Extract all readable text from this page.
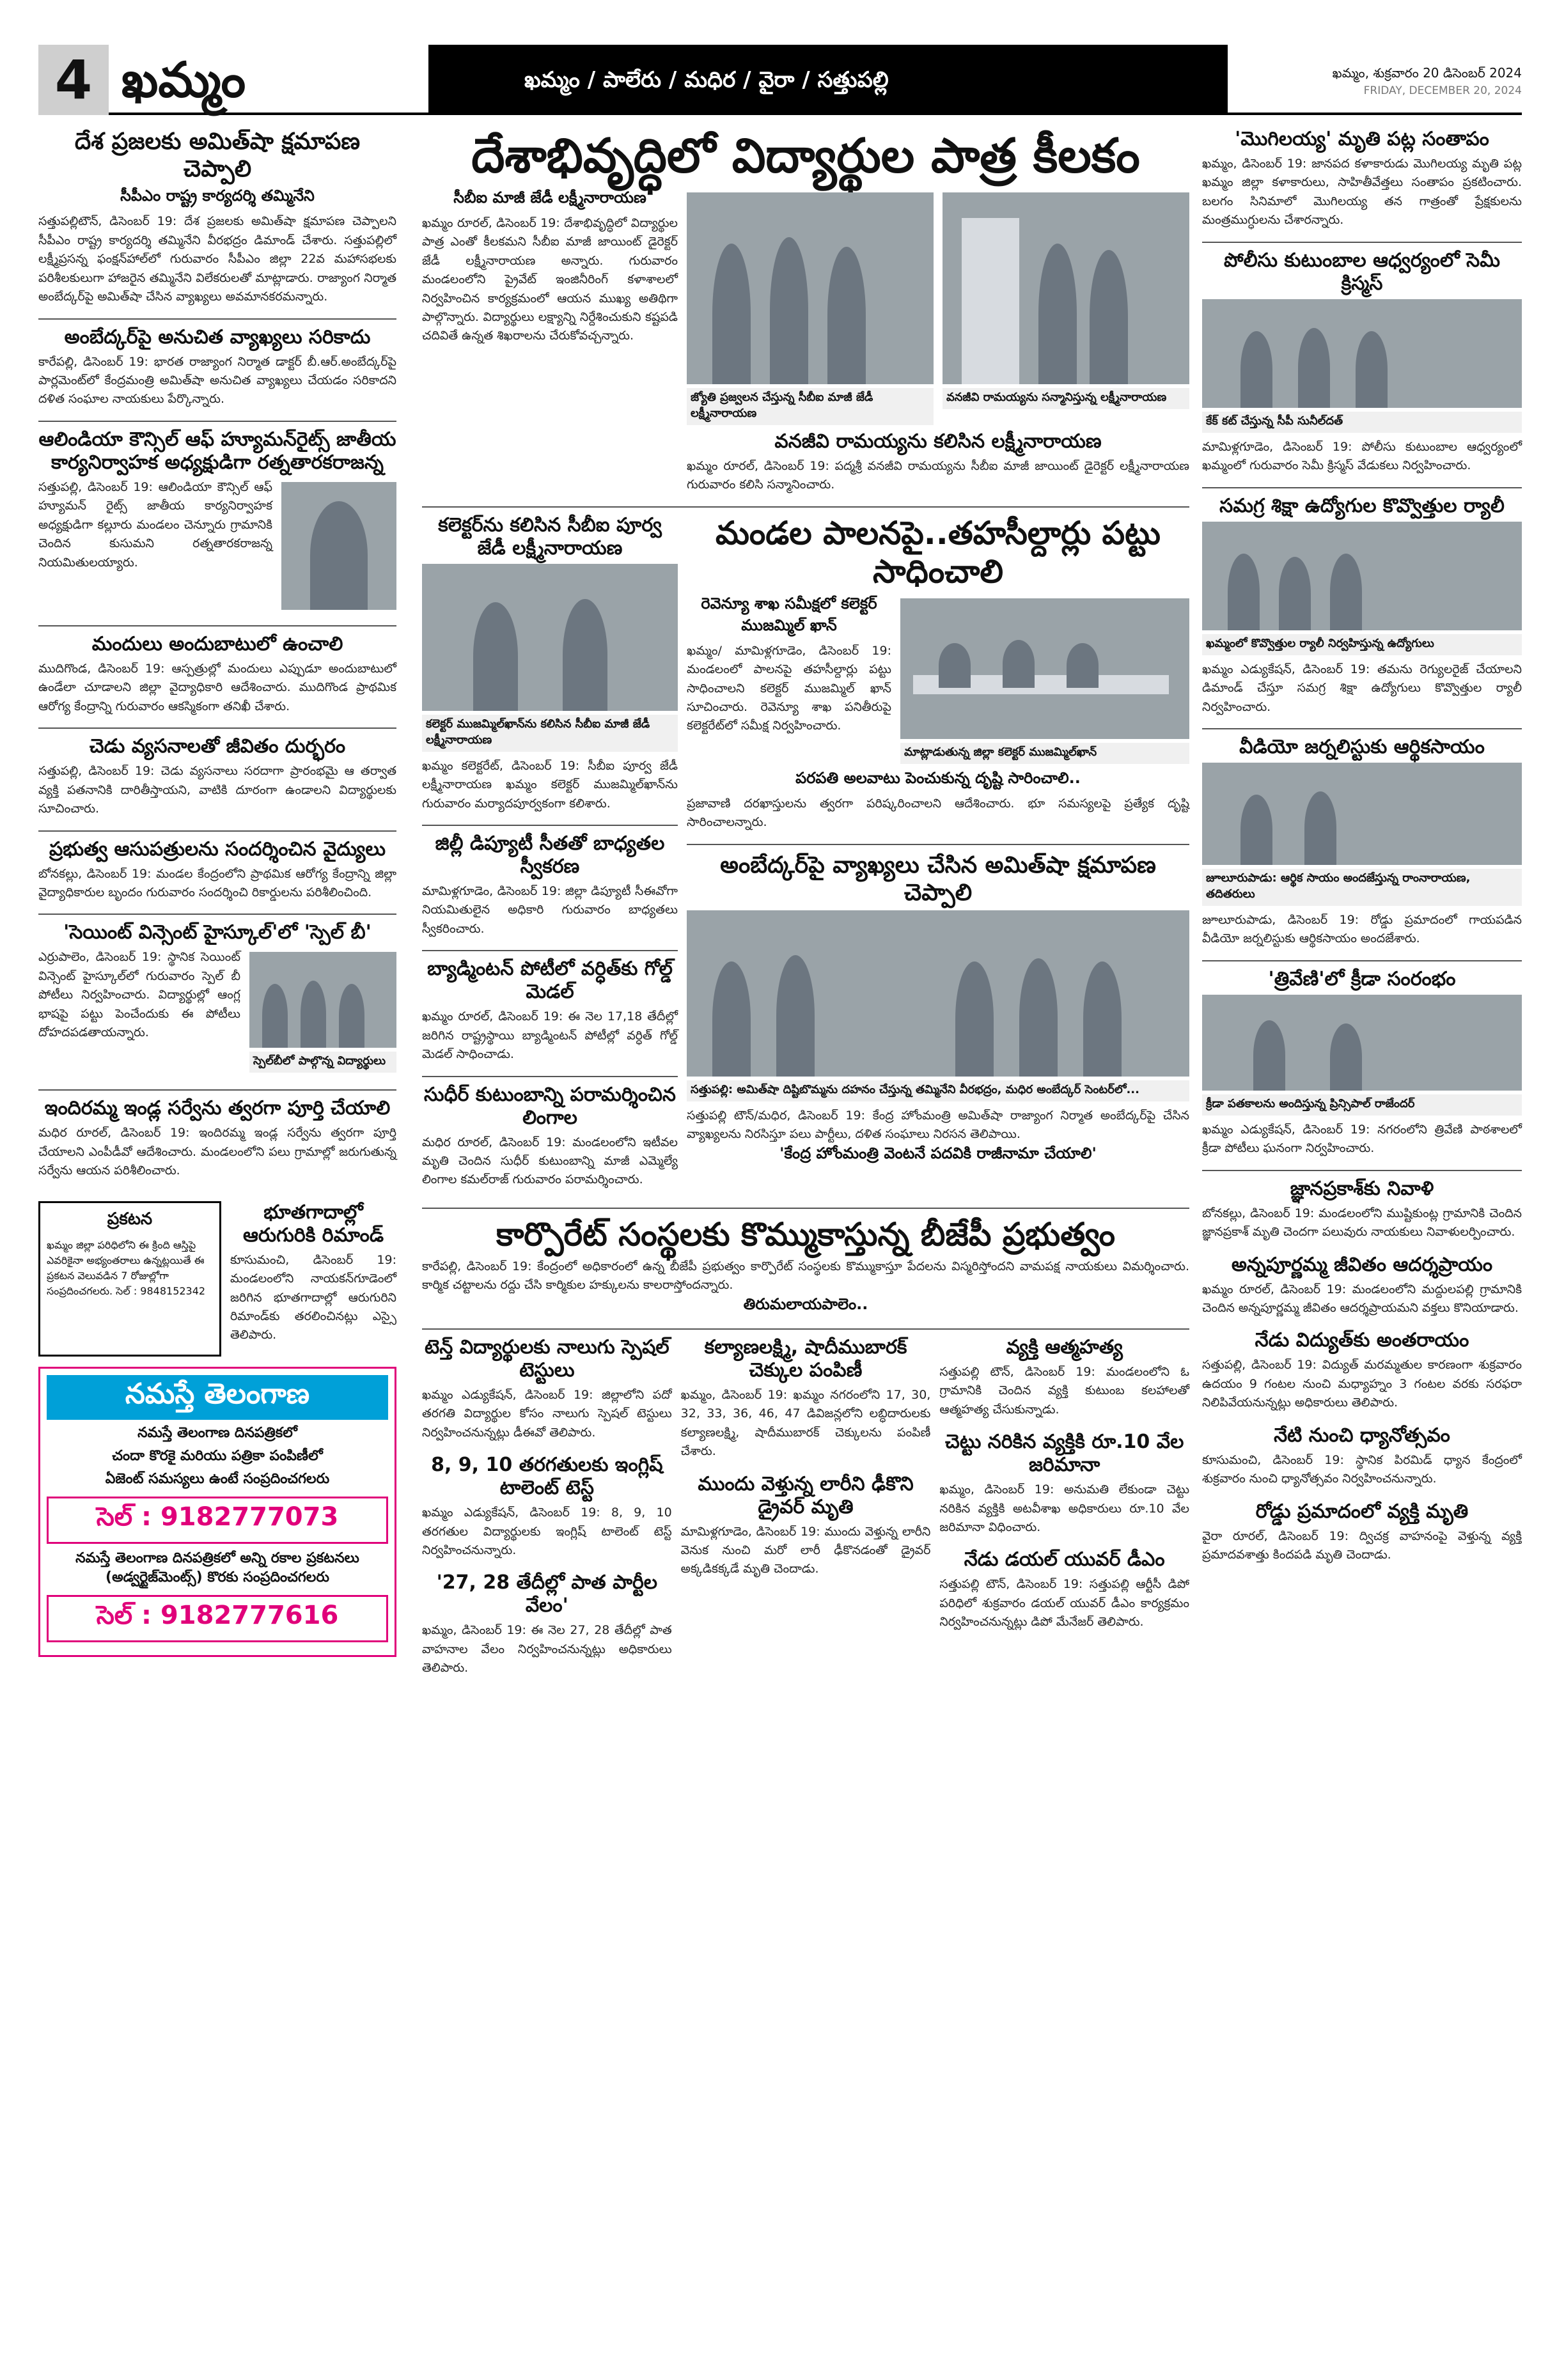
4 ఖమ్మం	ఖమ్మం / పాలేరు / మధిర / వైరా / సత్తుపల్లి	ఖమ్మం, శుక్రవారం 20 డిసెంబర్ 2024
FRIDAY, DECEMBER 20, 2024
దేశ ప్రజలకు అమిత్‌షా క్షమాపణ చెప్పాలి
సీపీఎం రాష్ట్ర కార్యదర్శి తమ్మినేని
సత్తుపల్లిటౌన్, డిసెంబర్ 19: దేశ ప్రజలకు అమిత్‌షా క్షమాపణ చెప్పాలని సీపీఎం రాష్ట్ర కార్యదర్శి తమ్మినేని వీరభద్రం డిమాండ్ చేశారు. సత్తుపల్లిలో లక్ష్మీప్రసన్న ఫంక్షన్‌హాల్‌లో గురువారం సీపీఎం జిల్లా 22వ మహాసభలకు పరిశీలకులుగా హాజరైన తమ్మినేని విలేకరులతో మాట్లాడారు. రాజ్యాంగ నిర్మాత అంబేద్కర్‌పై అమిత్‌షా చేసిన వ్యాఖ్యలు అవమానకరమన్నారు.
అంబేద్కర్‌పై అనుచిత వ్యాఖ్యలు సరికాదు
కారేపల్లి, డిసెంబర్ 19: భారత రాజ్యాంగ నిర్మాత డాక్టర్ బీ.ఆర్.అంబేద్కర్‌పై పార్లమెంట్‌లో కేంద్రమంత్రి అమిత్‌షా అనుచిత వ్యాఖ్యలు చేయడం సరికాదని దళిత సంఘాల నాయకులు పేర్కొన్నారు.
ఆలిండియా కౌన్సిల్ ఆఫ్ హ్యూమన్‌రైట్స్ జాతీయ కార్యనిర్వాహక అధ్యక్షుడిగా రత్నతారకరాజన్న
సత్తుపల్లి, డిసెంబర్ 19: ఆలిండియా కౌన్సిల్ ఆఫ్ హ్యూమన్ రైట్స్ జాతీయ కార్యనిర్వాహక అధ్యక్షుడిగా కల్లూరు మండలం చెన్నూరు గ్రామానికి చెందిన కుసుమని రత్నతారకరాజన్న నియమితులయ్యారు.
మందులు అందుబాటులో ఉంచాలి
ముదిగొండ, డిసెంబర్ 19: ఆస్పత్రుల్లో మందులు ఎప్పుడూ అందుబాటులో ఉండేలా చూడాలని జిల్లా వైద్యాధికారి ఆదేశించారు. ముదిగొండ ప్రాథమిక ఆరోగ్య కేంద్రాన్ని గురువారం ఆకస్మికంగా తనిఖీ చేశారు.
చెడు వ్యసనాలతో జీవితం దుర్భరం
సత్తుపల్లి, డిసెంబర్ 19: చెడు వ్యసనాలు సరదాగా ప్రారంభమై ఆ తర్వాత వ్యక్తి పతనానికి దారితీస్తాయని, వాటికి దూరంగా ఉండాలని విద్యార్థులకు సూచించారు.
ప్రభుత్వ ఆసుపత్రులను సందర్శించిన వైద్యులు
బోనకల్లు, డిసెంబర్ 19: మండల కేంద్రంలోని ప్రాథమిక ఆరోగ్య కేంద్రాన్ని జిల్లా వైద్యాధికారుల బృందం గురువారం సందర్శించి రికార్డులను పరిశీలించింది.
'సెయింట్ విన్సెంట్ హైస్కూల్'లో 'స్పెల్ బీ'
ఎర్రుపాలెం, డిసెంబర్ 19: స్థానిక సెయింట్ విన్సెంట్ హైస్కూల్‌లో గురువారం స్పెల్ బీ పోటీలు నిర్వహించారు. విద్యార్థుల్లో ఆంగ్ల భాషపై పట్టు పెంచేందుకు ఈ పోటీలు దోహదపడతాయన్నారు.
స్పెల్‌బీలో పాల్గొన్న విద్యార్థులు
ఇందిరమ్మ ఇండ్ల సర్వేను త్వరగా పూర్తి చేయాలి
మధిర రూరల్, డిసెంబర్ 19: ఇందిరమ్మ ఇండ్ల సర్వేను త్వరగా పూర్తి చేయాలని ఎంపీడీవో ఆదేశించారు. మండలంలోని పలు గ్రామాల్లో జరుగుతున్న సర్వేను ఆయన పరిశీలించారు.
ప్రకటన
ఖమ్మం జిల్లా పరిధిలోని ఈ క్రింది ఆస్తిపై ఎవరికైనా అభ్యంతరాలు ఉన్నట్లయితే ఈ ప్రకటన వెలువడిన 7 రోజుల్లోగా సంప్రదించగలరు. సెల్ : 9848152342
భూతగాదాల్లో ఆరుగురికి రిమాండ్
కూసుమంచి, డిసెంబర్ 19: మండలంలోని నాయకన్‌గూడెంలో జరిగిన భూతగాదాల్లో ఆరుగురిని రిమాండ్‌కు తరలించినట్లు ఎస్సై తెలిపారు.
నమస్తే తెలంగాణ
నమస్తే తెలంగాణ దినపత్రికలో
చందా కొరకై మరియు పత్రికా పంపిణీలో
ఏజెంట్ సమస్యలు ఉంటే సంప్రదించగలరు
సెల్ : 9182777073
నమస్తే తెలంగాణ దినపత్రికలో అన్ని రకాల ప్రకటనలు (అడ్వర్టైజ్‌మెంట్స్) కొరకు సంప్రదించగలరు
సెల్ : 9182777616
దేశాభివృద్ధిలో విద్యార్థుల పాత్ర కీలకం
సీబీఐ మాజీ జేడీ లక్ష్మీనారాయణ
ఖమ్మం రూరల్, డిసెంబర్ 19: దేశాభివృద్ధిలో విద్యార్థుల పాత్ర ఎంతో కీలకమని సీబీఐ మాజీ జాయింట్ డైరెక్టర్ జేడీ లక్ష్మీనారాయణ అన్నారు. గురువారం మండలంలోని ప్రైవేట్ ఇంజినీరింగ్ కళాశాలలో నిర్వహించిన కార్యక్రమంలో ఆయన ముఖ్య అతిథిగా పాల్గొన్నారు. విద్యార్థులు లక్ష్యాన్ని నిర్దేశించుకుని కష్టపడి చదివితే ఉన్నత శిఖరాలను చేరుకోవచ్చన్నారు.
జ్యోతి ప్రజ్వలన చేస్తున్న సీబీఐ మాజీ జేడీ లక్ష్మీనారాయణ
వనజీవి రామయ్యను సన్మానిస్తున్న లక్ష్మీనారాయణ
వనజీవి రామయ్యను కలిసిన లక్ష్మీనారాయణ
ఖమ్మం రూరల్, డిసెంబర్ 19: పద్మశ్రీ వనజీవి రామయ్యను సీబీఐ మాజీ జాయింట్ డైరెక్టర్ లక్ష్మీనారాయణ గురువారం కలిసి సన్మానించారు.
కలెక్టర్‌ను కలిసిన సీబీఐ పూర్వ జేడీ లక్ష్మీనారాయణ
కలెక్టర్ ముజమ్మిల్‌ఖాన్‌ను కలిసిన సీబీఐ మాజీ జేడీ లక్ష్మీనారాయణ
ఖమ్మం కలెక్టరేట్, డిసెంబర్ 19: సీబీఐ పూర్వ జేడీ లక్ష్మీనారాయణ ఖమ్మం కలెక్టర్ ముజమ్మిల్‌ఖాన్‌ను గురువారం మర్యాదపూర్వకంగా కలిశారు.
జిల్లీ డిప్యూటీ సీతతో బాధ్యతల స్వీకరణ
మామిళ్లగూడెం, డిసెంబర్ 19: జిల్లా డిప్యూటీ సీఈవోగా నియమితులైన అధికారి గురువారం బాధ్యతలు స్వీకరించారు.
బ్యాడ్మింటన్ పోటీలో వర్ధిత్‌కు గోల్డ్ మెడల్
ఖమ్మం రూరల్, డిసెంబర్ 19: ఈ నెల 17,18 తేదీల్లో జరిగిన రాష్ట్రస్థాయి బ్యాడ్మింటన్ పోటీల్లో వర్ధిత్ గోల్డ్ మెడల్ సాధించాడు.
సుధీర్ కుటుంబాన్ని పరామర్శించిన లింగాల
మధిర రూరల్, డిసెంబర్ 19: మండలంలోని ఇటీవల మృతి చెందిన సుధీర్ కుటుంబాన్ని మాజీ ఎమ్మెల్యే లింగాల కమల్‌రాజ్ గురువారం పరామర్శించారు.
మండల పాలనపై..తహసీల్దార్లు పట్టు సాధించాలి
రెవెన్యూ శాఖ సమీక్షలో కలెక్టర్ ముజమ్మిల్ ఖాన్
ఖమ్మం/ మామిళ్లగూడెం, డిసెంబర్ 19: మండలంలో పాలనపై తహసీల్దార్లు పట్టు సాధించాలని కలెక్టర్ ముజమ్మిల్ ఖాన్ సూచించారు. రెవెన్యూ శాఖ పనితీరుపై కలెక్టరేట్‌లో సమీక్ష నిర్వహించారు.
మాట్లాడుతున్న జిల్లా కలెక్టర్ ముజమ్మిల్‌ఖాన్
పరపతి అలవాటు పెంచుకున్న దృష్టి సారించాలి..
ప్రజావాణి దరఖాస్తులను త్వరగా పరిష్కరించాలని ఆదేశించారు. భూ సమస్యలపై ప్రత్యేక దృష్టి సారించాలన్నారు.
అంబేద్కర్‌పై వ్యాఖ్యలు చేసిన అమిత్‌షా క్షమాపణ చెప్పాలి
సత్తుపల్లి: అమిత్‌షా దిష్టిబొమ్మను దహనం చేస్తున్న తమ్మినేని వీరభద్రం, మధిర అంబేద్కర్ సెంటర్‌లో...
సత్తుపల్లి టౌన్/మధిర, డిసెంబర్ 19: కేంద్ర హోంమంత్రి అమిత్‌షా రాజ్యాంగ నిర్మాత అంబేద్కర్‌పై చేసిన వ్యాఖ్యలను నిరసిస్తూ పలు పార్టీలు, దళిత సంఘాలు నిరసన తెలిపాయి.
'కేంద్ర హోంమంత్రి వెంటనే పదవికి రాజీనామా చేయాలి'
కార్పొరేట్ సంస్థలకు కొమ్ముకాస్తున్న బీజేపీ ప్రభుత్వం
కారేపల్లి, డిసెంబర్ 19: కేంద్రంలో అధికారంలో ఉన్న బీజేపీ ప్రభుత్వం కార్పొరేట్ సంస్థలకు కొమ్ముకాస్తూ పేదలను విస్మరిస్తోందని వామపక్ష నాయకులు విమర్శించారు. కార్మిక చట్టాలను రద్దు చేసి కార్మికుల హక్కులను కాలరాస్తోందన్నారు.
తిరుమలాయపాలెం..
టెన్త్ విద్యార్థులకు నాలుగు స్పెషల్ టెస్టులు
ఖమ్మం ఎడ్యుకేషన్, డిసెంబర్ 19: జిల్లాలోని పదో తరగతి విద్యార్థుల కోసం నాలుగు స్పెషల్ టెస్టులు నిర్వహించనున్నట్లు డీఈవో తెలిపారు.
8, 9, 10 తరగతులకు ఇంగ్లిష్ టాలెంట్ టెస్ట్
ఖమ్మం ఎడ్యుకేషన్, డిసెంబర్ 19: 8, 9, 10 తరగతుల విద్యార్థులకు ఇంగ్లిష్ టాలెంట్ టెస్ట్ నిర్వహించనున్నారు.
'27, 28 తేదీల్లో పాత పార్టీల వేలం'
ఖమ్మం, డిసెంబర్ 19: ఈ నెల 27, 28 తేదీల్లో పాత వాహనాల వేలం నిర్వహించనున్నట్లు అధికారులు తెలిపారు.
కల్యాణలక్ష్మి, షాదీముబారక్ చెక్కుల పంపిణీ
ఖమ్మం, డిసెంబర్ 19: ఖమ్మం నగరంలోని 17, 30, 32, 33, 36, 46, 47 డివిజన్లలోని లబ్ధిదారులకు కల్యాణలక్ష్మి, షాదీముబారక్ చెక్కులను పంపిణీ చేశారు.
ముందు వెళ్తున్న లారీని ఢీకొని డ్రైవర్ మృతి
మామిళ్లగూడెం, డిసెంబర్ 19: ముందు వెళ్తున్న లారీని వెనుక నుంచి మరో లారీ ఢీకొనడంతో డ్రైవర్ అక్కడికక్కడే మృతి చెందాడు.
వ్యక్తి ఆత్మహత్య
సత్తుపల్లి టౌన్, డిసెంబర్ 19: మండలంలోని ఓ గ్రామానికి చెందిన వ్యక్తి కుటుంబ కలహాలతో ఆత్మహత్య చేసుకున్నాడు.
చెట్టు నరికిన వ్యక్తికి రూ.10 వేల జరిమానా
ఖమ్మం, డిసెంబర్ 19: అనుమతి లేకుండా చెట్టు నరికిన వ్యక్తికి అటవీశాఖ అధికారులు రూ.10 వేల జరిమానా విధించారు.
నేడు డయల్ యువర్ డీఎం
సత్తుపల్లి టౌన్, డిసెంబర్ 19: సత్తుపల్లి ఆర్టీసీ డిపో పరిధిలో శుక్రవారం డయల్ యువర్ డీఎం కార్యక్రమం నిర్వహించనున్నట్లు డిపో మేనేజర్ తెలిపారు.
'మొగిలయ్య' మృతి పట్ల సంతాపం
ఖమ్మం, డిసెంబర్ 19: జానపద కళాకారుడు మొగిలయ్య మృతి పట్ల ఖమ్మం జిల్లా కళాకారులు, సాహితీవేత్తలు సంతాపం ప్రకటించారు. బలగం సినిమాలో మొగిలయ్య తన గాత్రంతో ప్రేక్షకులను మంత్రముగ్ధులను చేశారన్నారు.
పోలీసు కుటుంబాల ఆధ్వర్యంలో సెమీ క్రిస్మస్
కేక్ కట్ చేస్తున్న సీపీ సునీల్‌దత్
మామిళ్లగూడెం, డిసెంబర్ 19: పోలీసు కుటుంబాల ఆధ్వర్యంలో ఖమ్మంలో గురువారం సెమీ క్రిస్మస్ వేడుకలు నిర్వహించారు.
సమగ్ర శిక్షా ఉద్యోగుల కొవ్వొత్తుల ర్యాలీ
ఖమ్మంలో కొవ్వొత్తుల ర్యాలీ నిర్వహిస్తున్న ఉద్యోగులు
ఖమ్మం ఎడ్యుకేషన్, డిసెంబర్ 19: తమను రెగ్యులరైజ్ చేయాలని డిమాండ్ చేస్తూ సమగ్ర శిక్షా ఉద్యోగులు కొవ్వొత్తుల ర్యాలీ నిర్వహించారు.
వీడియో జర్నలిస్టుకు ఆర్థికసాయం
జూలూరుపాడు: ఆర్థిక సాయం అందజేస్తున్న రాంనారాయణ, తదితరులు
జూలూరుపాడు, డిసెంబర్ 19: రోడ్డు ప్రమాదంలో గాయపడిన వీడియో జర్నలిస్టుకు ఆర్థికసాయం అందజేశారు.
'త్రివేణి'లో క్రీడా సంరంభం
క్రీడా పతకాలను అందిస్తున్న ప్రిన్సిపాల్ రాజేందర్
ఖమ్మం ఎడ్యుకేషన్, డిసెంబర్ 19: నగరంలోని త్రివేణి పాఠశాలలో క్రీడా పోటీలు ఘనంగా నిర్వహించారు.
జ్ఞానప్రకాశ్‌కు నివాళి
బోనకల్లు, డిసెంబర్ 19: మండలంలోని ముష్టికుంట్ల గ్రామానికి చెందిన జ్ఞానప్రకాశ్ మృతి చెందగా పలువురు నాయకులు నివాళులర్పించారు.
అన్నపూర్ణమ్మ జీవితం ఆదర్శప్రాయం
ఖమ్మం రూరల్, డిసెంబర్ 19: మండలంలోని మద్దులపల్లి గ్రామానికి చెందిన అన్నపూర్ణమ్మ జీవితం ఆదర్శప్రాయమని వక్తలు కొనియాడారు.
నేడు విద్యుత్‌కు అంతరాయం
సత్తుపల్లి, డిసెంబర్ 19: విద్యుత్ మరమ్మతుల కారణంగా శుక్రవారం ఉదయం 9 గంటల నుంచి మధ్యాహ్నం 3 గంటల వరకు సరఫరా నిలిపివేయనున్నట్లు అధికారులు తెలిపారు.
నేటి నుంచి ధ్యానోత్సవం
కూసుమంచి, డిసెంబర్ 19: స్థానిక పిరమిడ్ ధ్యాన కేంద్రంలో శుక్రవారం నుంచి ధ్యానోత్సవం నిర్వహించనున్నారు.
రోడ్డు ప్రమాదంలో వ్యక్తి మృతి
వైరా రూరల్, డిసెంబర్ 19: ద్విచక్ర వాహనంపై వెళ్తున్న వ్యక్తి ప్రమాదవశాత్తు కిందపడి మృతి చెందాడు.
